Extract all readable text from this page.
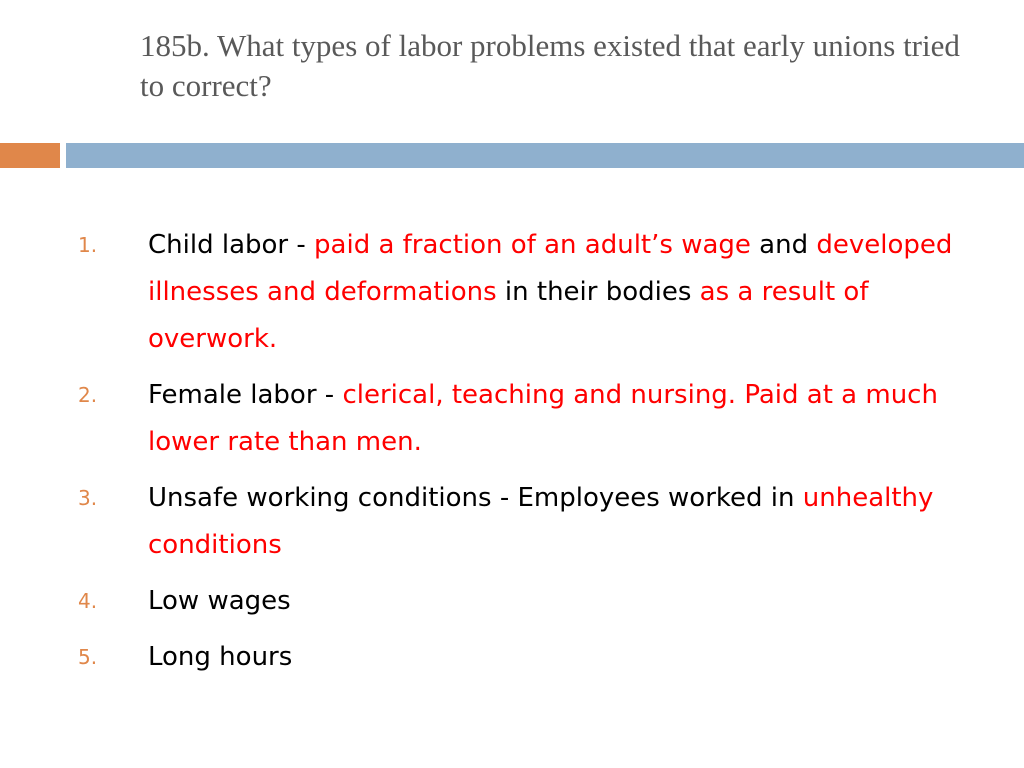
185b. What types of labor problems existed that early unions tried to correct?
1. Child labor - paid a fraction of an adult’s wage and developed illnesses and deformations in their bodies as a result of overwork.
2. Female labor - clerical, teaching and nursing. Paid at a much lower rate than men.
3. Unsafe working conditions - Employees worked in unhealthy conditions
4. Low wages
5. Long hours
